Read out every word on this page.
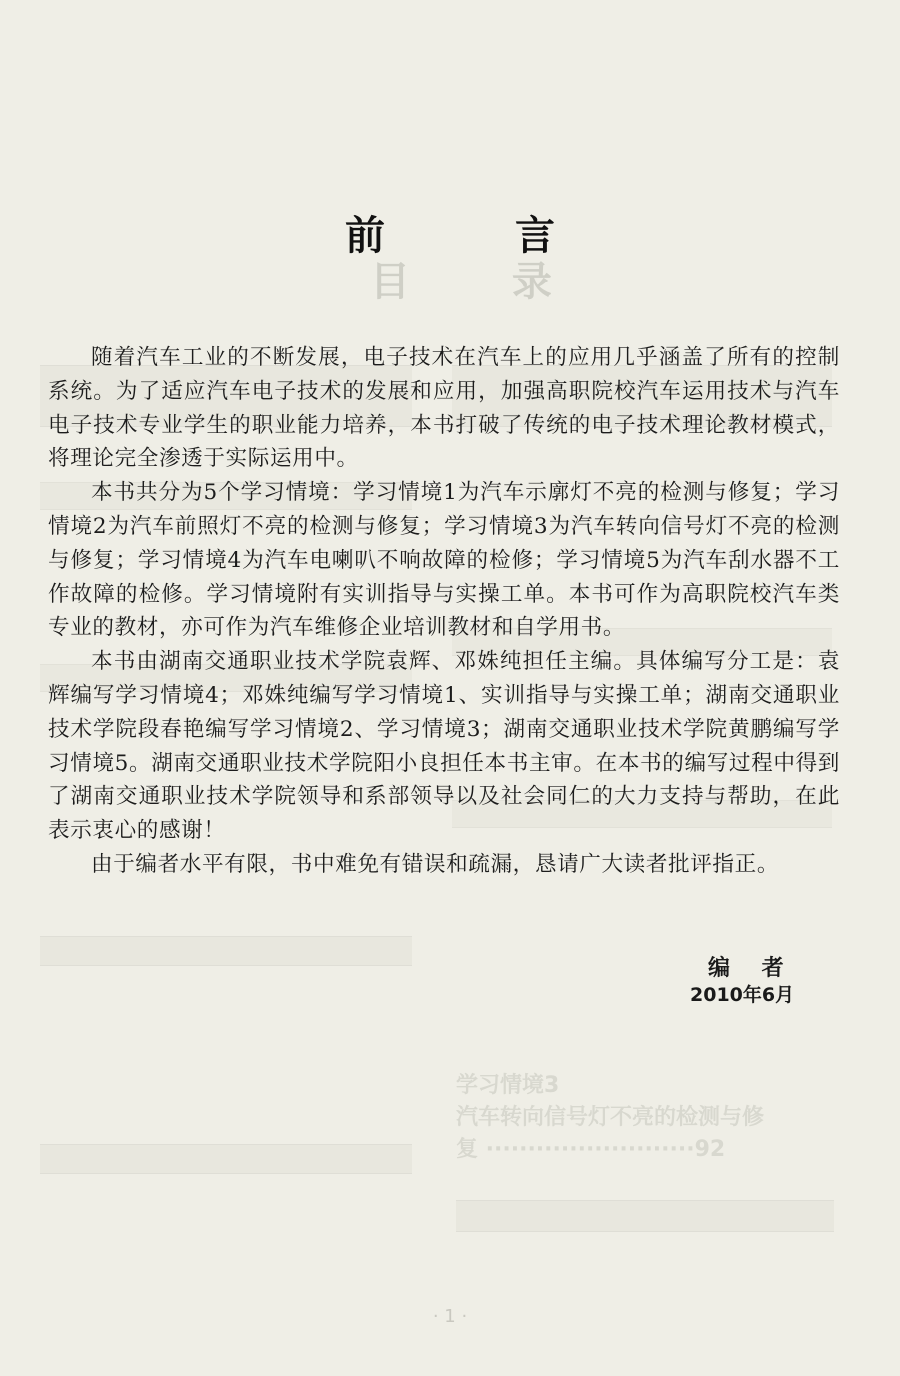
目 录
学习情境3
汽车转向信号灯不亮的检测与修
复 ·························92
前 言

随着汽车工业的不断发展，电子技术在汽车上的应用几乎涵盖了所有的控制系统。为了适应汽车电子技术的发展和应用，加强高职院校汽车运用技术与汽车电子技术专业学生的职业能力培养，本书打破了传统的电子技术理论教材模式，将理论完全渗透于实际运用中。

本书共分为5个学习情境：学习情境1为汽车示廓灯不亮的检测与修复；学习情境2为汽车前照灯不亮的检测与修复；学习情境3为汽车转向信号灯不亮的检测与修复；学习情境4为汽车电喇叭不响故障的检修；学习情境5为汽车刮水器不工作故障的检修。学习情境附有实训指导与实操工单。本书可作为高职院校汽车类专业的教材，亦可作为汽车维修企业培训教材和自学用书。

本书由湖南交通职业技术学院袁辉、邓姝纯担任主编。具体编写分工是：袁辉编写学习情境4；邓姝纯编写学习情境1、实训指导与实操工单；湖南交通职业技术学院段春艳编写学习情境2、学习情境3；湖南交通职业技术学院黄鹏编写学习情境5。湖南交通职业技术学院阳小良担任本书主审。在本书的编写过程中得到了湖南交通职业技术学院领导和系部领导以及社会同仁的大力支持与帮助，在此表示衷心的感谢！

由于编者水平有限，书中难免有错误和疏漏，恳请广大读者批评指正。

编 者
2010年6月
· 1 ·
